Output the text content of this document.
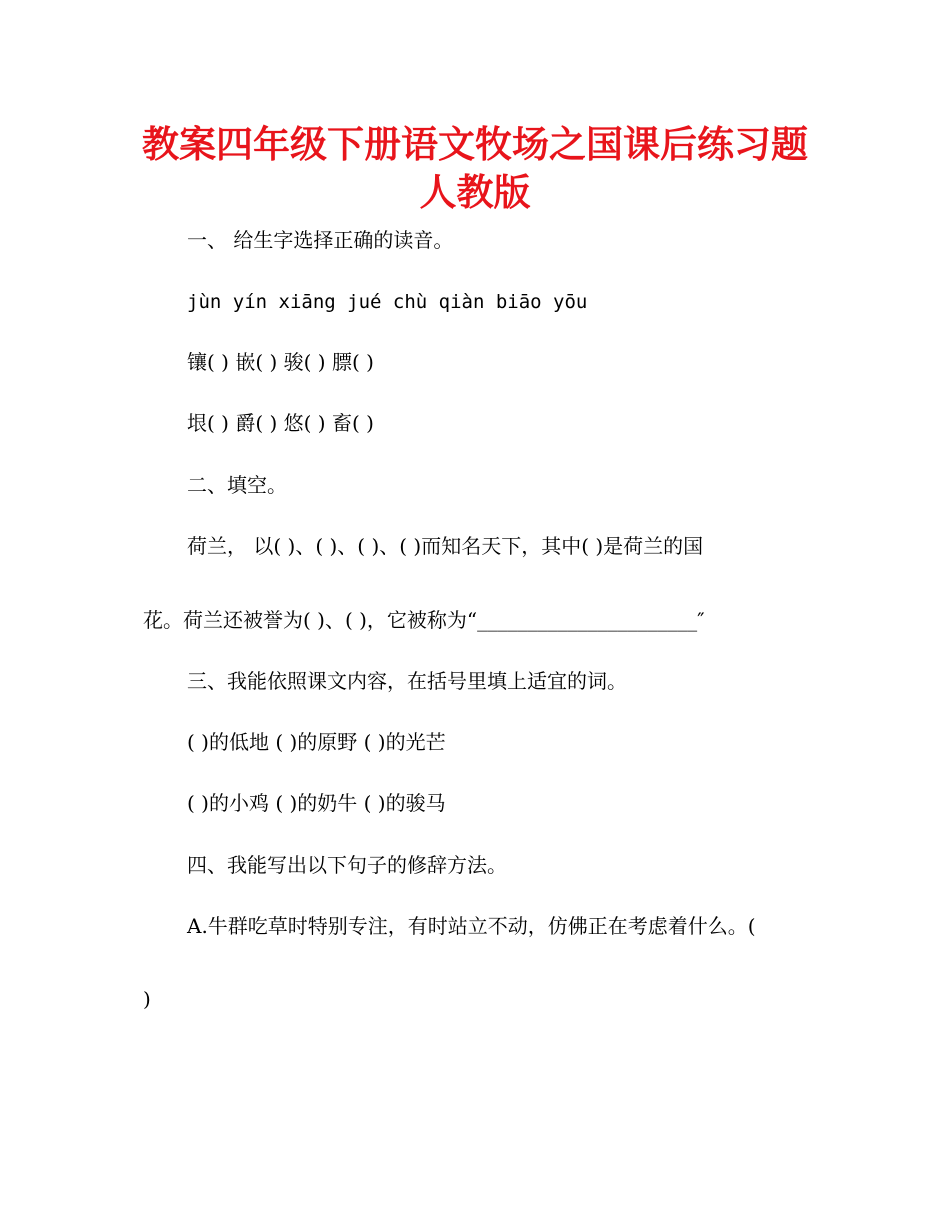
教案四年级下册语文牧场之国课后练习题
人教版

一、 给生字选择正确的读音。

jùn yín xiāng jué chù qiàn biāo yōu

镶( ) 嵌( ) 骏( ) 膘( )

垠( ) 爵( ) 悠( ) 畜( )

二、填空。

荷兰， 以( )、( )、( )、( )而知名天下，其中( )是荷兰的国

花。荷兰还被誉为( )、( )，它被称为“______________________″

三、我能依照课文内容，在括号里填上适宜的词。

( )的低地 ( )的原野 ( )的光芒

( )的小鸡 ( )的奶牛 ( )的骏马

四、我能写出以下句子的修辞方法。

A.牛群吃草时特别专注，有时站立不动，仿佛正在考虑着什么。(

)
